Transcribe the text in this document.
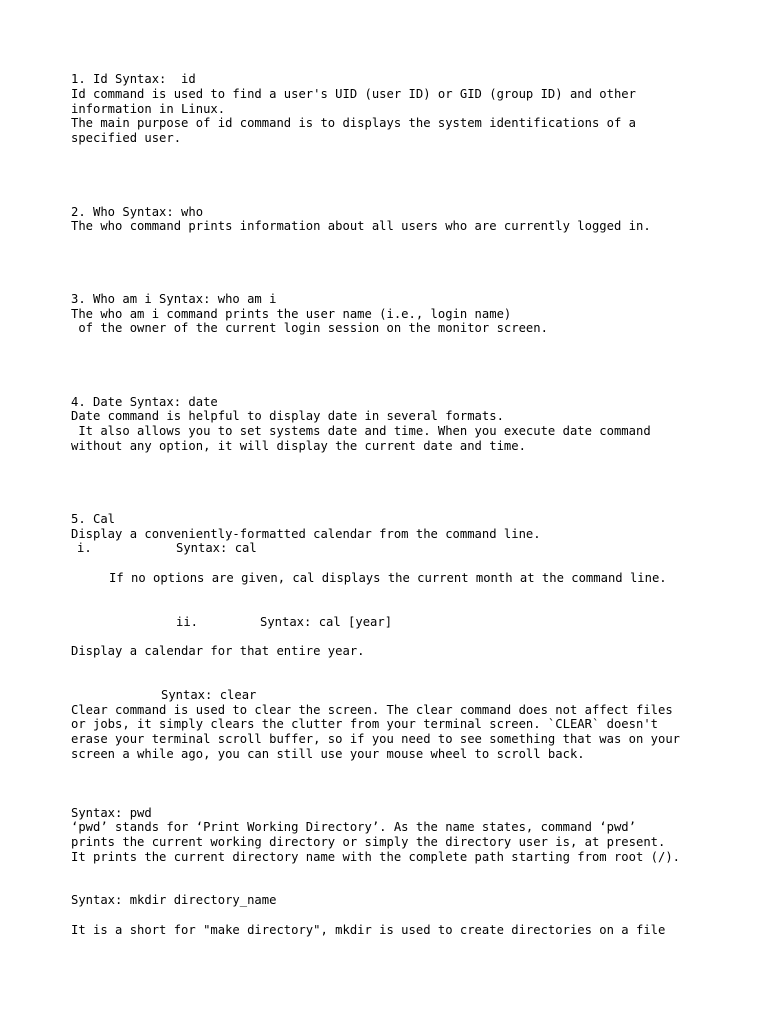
1. Id Syntax:  id

Id command is used to find a user's UID (user ID) or GID (group ID) and other

information in Linux.

The main purpose of id command is to displays the system identifications of a

specified user.

2. Who Syntax: who

The who command prints information about all users who are currently logged in.

3. Who am i Syntax: who am i

The who am i command prints the user name (i.e., login name)

of the owner of the current login session on the monitor screen.

4. Date Syntax: date

Date command is helpful to display date in several formats.

It also allows you to set systems date and time. When you execute date command

without any option, it will display the current date and time.

5. Cal

Display a conveniently-formatted calendar from the command line.

i.	Syntax: cal

If no options are given, cal displays the current month at the command line.

ii.	Syntax: cal [year]

Display a calendar for that entire year.

Syntax: clear

Clear command is used to clear the screen. The clear command does not affect files

or jobs, it simply clears the clutter from your terminal screen. `CLEAR` doesn't

erase your terminal scroll buffer, so if you need to see something that was on your

screen a while ago, you can still use your mouse wheel to scroll back.

Syntax: pwd

‘pwd’ stands for ‘Print Working Directory’. As the name states, command ‘pwd’

prints the current working directory or simply the directory user is, at present.

It prints the current directory name with the complete path starting from root (/).

Syntax: mkdir directory_name

It is a short for "make directory", mkdir is used to create directories on a file
